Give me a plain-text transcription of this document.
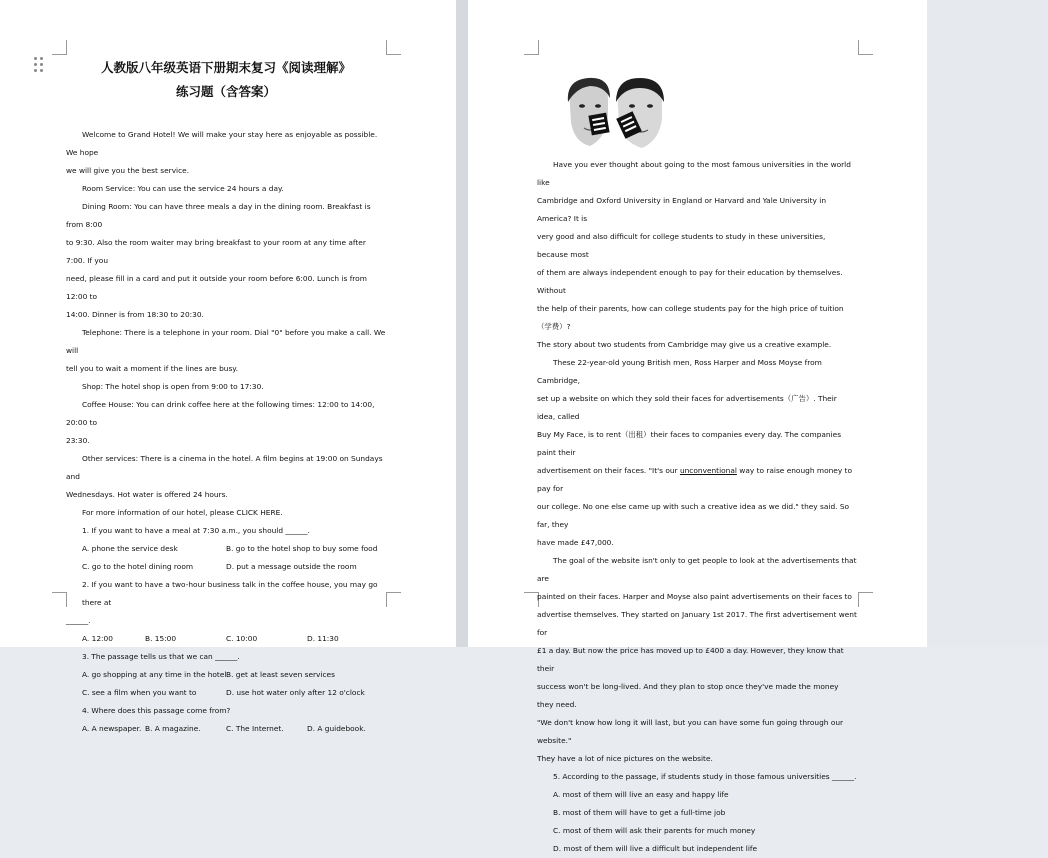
人教版八年级英语下册期末复习《阅读理解》
练习题（含答案）

Welcome to Grand Hotel! We will make your stay here as enjoyable as possible. We hope

we will give you the best service.

Room Service: You can use the service 24 hours a day.

Dining Room: You can have three meals a day in the dining room. Breakfast is from 8:00

to 9:30. Also the room waiter may bring breakfast to your room at any time after 7:00. If you

need, please fill in a card and put it outside your room before 6:00. Lunch is from 12:00 to

14:00. Dinner is from 18:30 to 20:30.

Telephone: There is a telephone in your room. Dial "0" before you make a call. We will

tell you to wait a moment if the lines are busy.

Shop: The hotel shop is open from 9:00 to 17:30.

Coffee House: You can drink coffee here at the following times: 12:00 to 14:00, 20:00 to

23:30.

Other services: There is a cinema in the hotel. A film begins at 19:00 on Sundays and

Wednesdays. Hot water is offered 24 hours.

For more information of our hotel, please CLICK HERE.

1. If you want to have a meal at 7:30 a.m., you should ______.

A. phone the service desk	B. go to the hotel shop to buy some food

C. go to the hotel dining room	D. put a message outside the room

2. If you want to have a two-hour business talk in the coffee house, you may go there at

______.

A. 12:00	B. 15:00	C. 10:00	D. 11:30

3. The passage tells us that we can ______.

A. go shopping at any time in the hotelB. get at least seven services

C. see a film when you want to	D. use hot water only after 12 o'clock

4. Where does this passage come from?

A. A newspaper. B. A magazine.	C. The Internet.	D. A guidebook.

Have you ever thought about going to the most famous universities in the world like

Cambridge and Oxford University in England or Harvard and Yale University in America? It is

very good and also difficult for college students to study in these universities, because most

of them are always independent enough to pay for their education by themselves. Without

the help of their parents, how can college students pay for the high price of tuition（学费）?

The story about two students from Cambridge may give us a creative example.

These 22-year-old young British men, Ross Harper and Moss Moyse from Cambridge,

set up a website on which they sold their faces for advertisements（广告）. Their idea, called

Buy My Face, is to rent（出租）their faces to companies every day. The companies paint their

advertisement on their faces. "It's our unconventional way to raise enough money to pay for

our college. No one else came up with such a creative idea as we did." they said. So far, they

have made £47,000.

The goal of the website isn't only to get people to look at the advertisements that are

painted on their faces. Harper and Moyse also paint advertisements on their faces to

advertise themselves. They started on January 1st 2017. The first advertisement went for

£1 a day. But now the price has moved up to £400 a day. However, they know that their

success won't be long-lived. And they plan to stop once they've made the money they need.

"We don't know how long it will last, but you can have some fun going through our website."

They have a lot of nice pictures on the website.

5. According to the passage, if students study in those famous universities ______.

A. most of them will live an easy and happy life

B. most of them will have to get a full-time job

C. most of them will ask their parents for much money

D. most of them will live a difficult but independent life
